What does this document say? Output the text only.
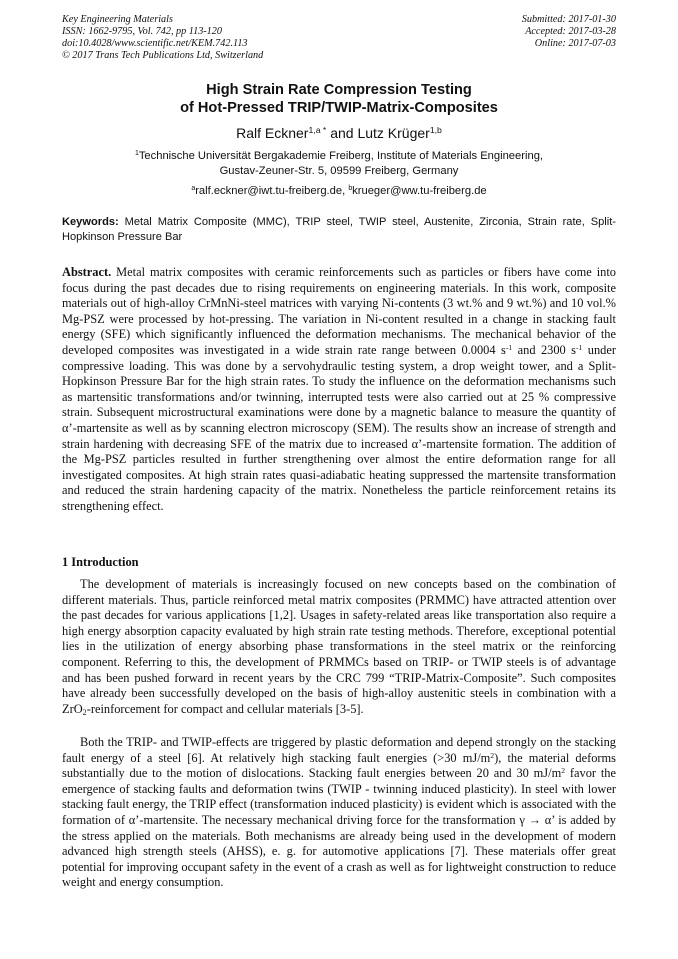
Key Engineering Materials
ISSN: 1662-9795, Vol. 742, pp 113-120
doi:10.4028/www.scientific.net/KEM.742.113
© 2017 Trans Tech Publications Ltd, Switzerland
Submitted: 2017-01-30
Accepted: 2017-03-28
Online: 2017-07-03
High Strain Rate Compression Testing
of Hot-Pressed TRIP/TWIP-Matrix-Composites
Ralf Eckner$^{1,a *}$ and Lutz Krüger$^{1,b}$
$^1$Technische Universität Bergakademie Freiberg, Institute of Materials Engineering,
Gustav-Zeuner-Str. 5, 09599 Freiberg, Germany
$^a$ralf.eckner@iwt.tu-freiberg.de, $^b$krueger@ww.tu-freiberg.de
Keywords: Metal Matrix Composite (MMC), TRIP steel, TWIP steel, Austenite, Zirconia, Strain rate, Split-Hopkinson Pressure Bar
Abstract. Metal matrix composites with ceramic reinforcements such as particles or fibers have come into focus during the past decades due to rising requirements on engineering materials. In this work, composite materials out of high-alloy CrMnNi-steel matrices with varying Ni-contents (3 wt.% and 9 wt.%) and 10 vol.% Mg-PSZ were processed by hot-pressing. The variation in Ni-content resulted in a change in stacking fault energy (SFE) which significantly influenced the deformation mechanisms. The mechanical behavior of the developed composites was investigated in a wide strain rate range between 0.0004 $s^{-1}$ and 2300 $s^{-1}$ under compressive loading. This was done by a servohydraulic testing system, a drop weight tower, and a Split-Hopkinson Pressure Bar for the high strain rates. To study the influence on the deformation mechanisms such as martensitic transformations and/or twinning, interrupted tests were also carried out at 25 % compressive strain. Subsequent microstructural examinations were done by a magnetic balance to measure the quantity of α’-martensite as well as by scanning electron microscopy (SEM). The results show an increase of strength and strain hardening with decreasing SFE of the matrix due to increased α’-martensite formation. The addition of the Mg-PSZ particles resulted in further strengthening over almost the entire deformation range for all investigated composites. At high strain rates quasi-adiabatic heating suppressed the martensite transformation and reduced the strain hardening capacity of the matrix. Nonetheless the particle reinforcement retains its strengthening effect.
1 Introduction
The development of materials is increasingly focused on new concepts based on the combination of different materials. Thus, particle reinforced metal matrix composites (PRMMC) have attracted attention over the past decades for various applications [1,2]. Usages in safety-related areas like transportation also require a high energy absorption capacity evaluated by high strain rate testing methods. Therefore, exceptional potential lies in the utilization of energy absorbing phase transformations in the steel matrix or the reinforcing component. Referring to this, the development of PRMMCs based on TRIP- or TWIP steels is of advantage and has been pushed forward in recent years by the CRC 799 “TRIP-Matrix-Composite”. Such composites have already been successfully developed on the basis of high-alloy austenitic steels in combination with a ZrO$_2$-reinforcement for compact and cellular materials [3-5].
Both the TRIP- and TWIP-effects are triggered by plastic deformation and depend strongly on the stacking fault energy of a steel [6]. At relatively high stacking fault energies (>30 $mJ/m^2$), the material deforms substantially due to the motion of dislocations. Stacking fault energies between 20 and 30 $mJ/m^2$ favor the emergence of stacking faults and deformation twins (TWIP - twinning induced plasticity). In steel with lower stacking fault energy, the TRIP effect (transformation induced plasticity) is evident which is associated with the formation of α’-martensite. The necessary mechanical driving force for the transformation γ → α’ is added by the stress applied on the materials. Both mechanisms are already being used in the development of modern advanced high strength steels (AHSS), e. g. for automotive applications [7]. These materials offer great potential for improving occupant safety in the event of a crash as well as for lightweight construction to reduce weight and energy consumption.
